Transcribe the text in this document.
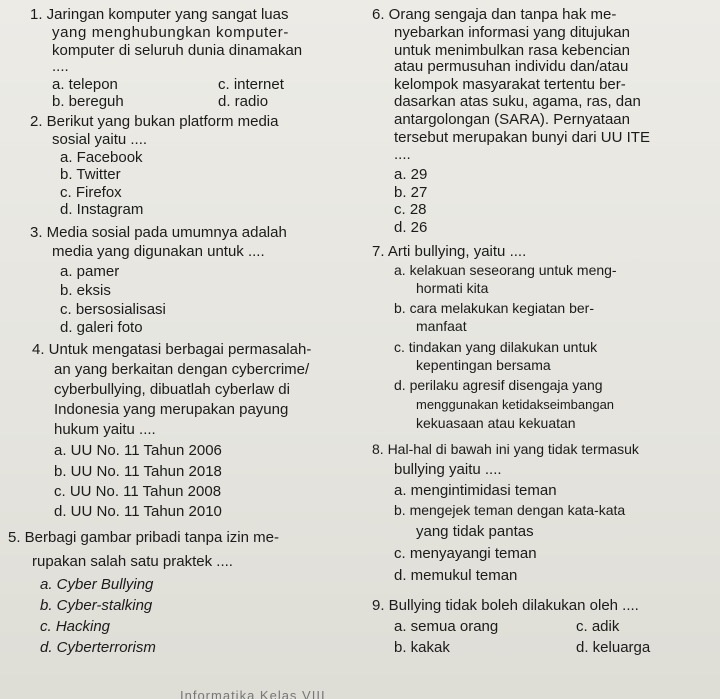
1. Jaringan komputer yang sangat luas
yang menghubungkan komputer-
komputer di seluruh dunia dinamakan
....
a. telepon	c. internet
b. bereguh	d. radio
2. Berikut yang bukan platform media
sosial yaitu ....
a. Facebook
b. Twitter
c. Firefox
d. Instagram
3. Media sosial pada umumnya adalah
media yang digunakan untuk ....
a. pamer
b. eksis
c. bersosialisasi
d. galeri foto
4. Untuk mengatasi berbagai permasalah-
an yang berkaitan dengan cybercrime/
cyberbullying, dibuatlah cyberlaw di
Indonesia yang merupakan payung
hukum yaitu ....
a. UU No. 11 Tahun 2006
b. UU No. 11 Tahun 2018
c. UU No. 11 Tahun 2008
d. UU No. 11 Tahun 2010
5. Berbagi gambar pribadi tanpa izin me-
rupakan salah satu praktek ....
a. Cyber Bullying
b. Cyber-stalking
c. Hacking
d. Cyberterrorism
6. Orang sengaja dan tanpa hak me-
nyebarkan informasi yang ditujukan
untuk menimbulkan rasa kebencian
atau permusuhan individu dan/atau
kelompok masyarakat tertentu ber-
dasarkan atas suku, agama, ras, dan
antargolongan (SARA). Pernyataan
tersebut merupakan bunyi dari UU ITE
....
a. 29
b. 27
c. 28
d. 26
7. Arti bullying, yaitu ....
a. kelakuan seseorang untuk meng-
hormati kita
b. cara melakukan kegiatan ber-
manfaat
c. tindakan yang dilakukan untuk
kepentingan bersama
d. perilaku agresif disengaja yang
menggunakan ketidakseimbangan
kekuasaan atau kekuatan
8. Hal-hal di bawah ini yang tidak termasuk
bullying yaitu ....
a. mengintimidasi teman
b. mengejek teman dengan kata-kata
yang tidak pantas
c. menyayangi teman
d. memukul teman
9. Bullying tidak boleh dilakukan oleh ....
a. semua orang	c. adik
b. kakak	d. keluarga
Informatika Kelas VIII
